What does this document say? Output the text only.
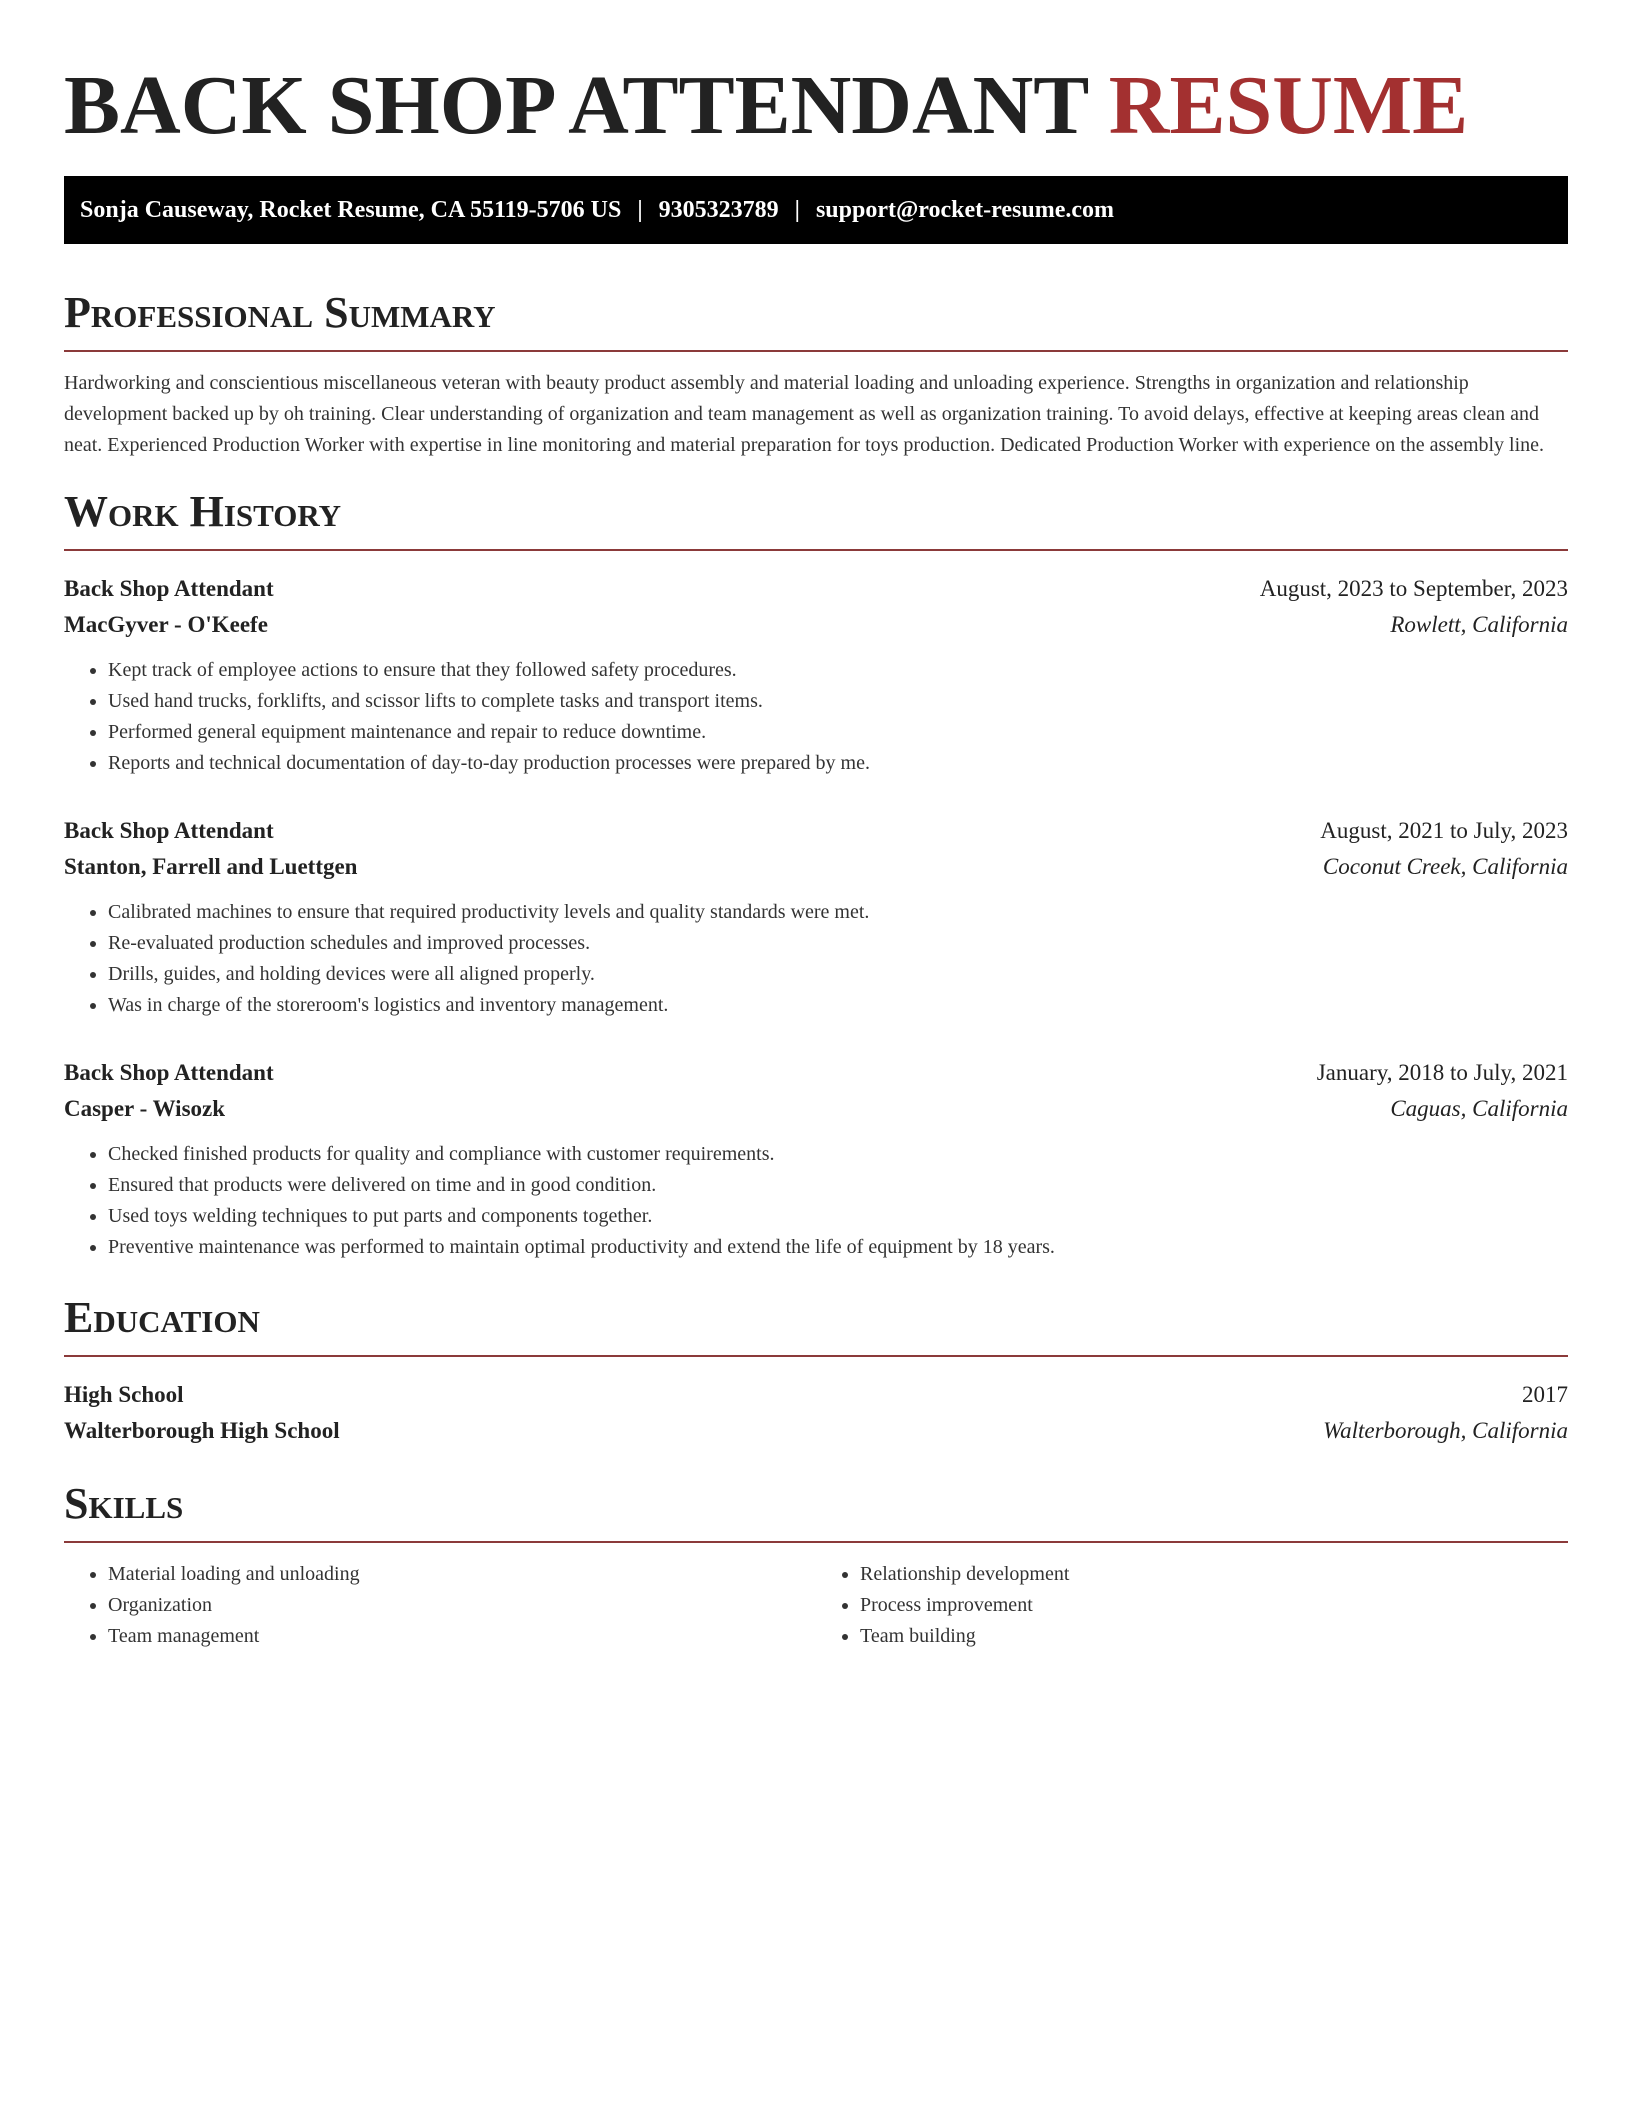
BACK SHOP ATTENDANT RESUME
Sonja Causeway, Rocket Resume, CA 55119-5706 US | 9305323789 | support@rocket-resume.com
Professional Summary

Hardworking and conscientious miscellaneous veteran with beauty product assembly and material loading and unloading experience. Strengths in organization and relationship development backed up by oh training. Clear understanding of organization and team management as well as organization training. To avoid delays, effective at keeping areas clean and neat. Experienced Production Worker with expertise in line monitoring and material preparation for toys production. Dedicated Production Worker with experience on the assembly line.

Work History
Back Shop Attendant	August, 2023 to September, 2023
MacGyver - O'Keefe	Rowlett, California
• Kept track of employee actions to ensure that they followed safety procedures.
• Used hand trucks, forklifts, and scissor lifts to complete tasks and transport items.
• Performed general equipment maintenance and repair to reduce downtime.
• Reports and technical documentation of day-to-day production processes were prepared by me.
Back Shop Attendant	August, 2021 to July, 2023
Stanton, Farrell and Luettgen	Coconut Creek, California
• Calibrated machines to ensure that required productivity levels and quality standards were met.
• Re-evaluated production schedules and improved processes.
• Drills, guides, and holding devices were all aligned properly.
• Was in charge of the storeroom's logistics and inventory management.
Back Shop Attendant	January, 2018 to July, 2021
Casper - Wisozk	Caguas, California
• Checked finished products for quality and compliance with customer requirements.
• Ensured that products were delivered on time and in good condition.
• Used toys welding techniques to put parts and components together.
• Preventive maintenance was performed to maintain optimal productivity and extend the life of equipment by 18 years.
Education
High School	2017
Walterborough High School	Walterborough, California
Skills
• Material loading and unloading
• Organization
• Team management
• Relationship development
• Process improvement
• Team building
